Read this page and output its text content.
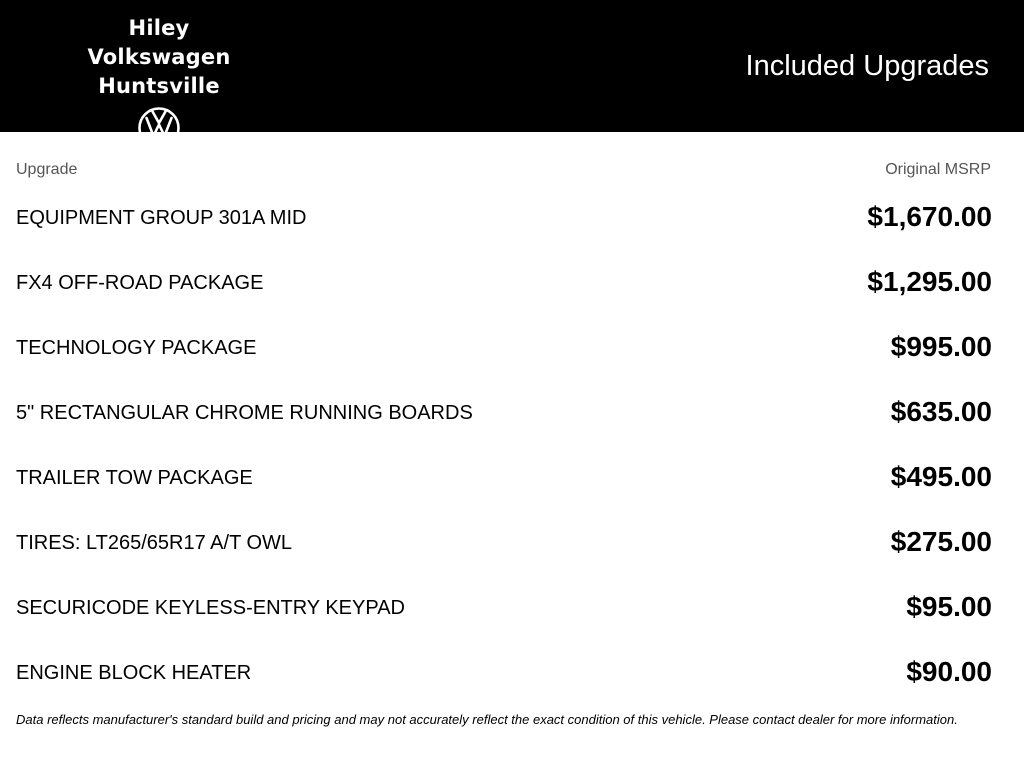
Hiley Volkswagen
Huntsville
Included Upgrades
Upgrade	Original MSRP
EQUIPMENT GROUP 301A MID	$1,670.00
FX4 OFF-ROAD PACKAGE	$1,295.00
TECHNOLOGY PACKAGE	$995.00
5" RECTANGULAR CHROME RUNNING BOARDS	$635.00
TRAILER TOW PACKAGE	$495.00
TIRES: LT265/65R17 A/T OWL	$275.00
SECURICODE KEYLESS-ENTRY KEYPAD	$95.00
ENGINE BLOCK HEATER	$90.00
Data reflects manufacturer's standard build and pricing and may not accurately reflect the exact condition of this vehicle. Please contact dealer for more information.
